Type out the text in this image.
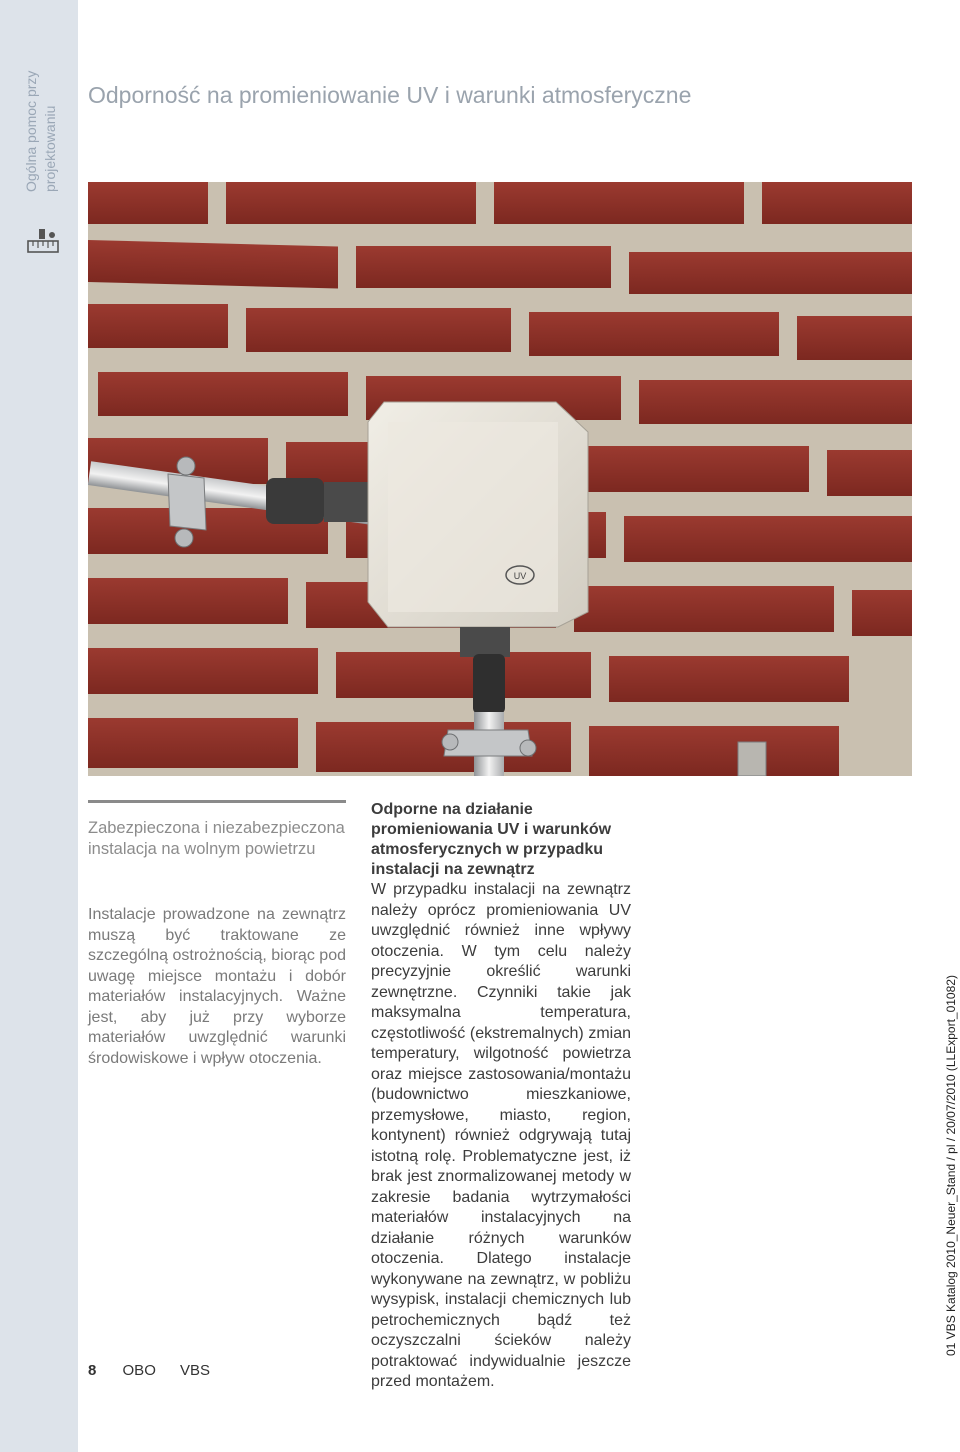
Ogólna pomoc przy projektowaniu
Odporność na promieniowanie UV i warunki atmosferyczne
UV
Zabezpieczona i niezabezpieczona instalacja na wolnym powietrzu
Instalacje prowadzone na zewnątrz muszą być traktowane ze szczególną ostrożnością, biorąc pod uwagę miejsce montażu i dobór materiałów instalacyjnych. Ważne jest, aby już przy wyborze materiałów uwzględnić warunki środowiskowe i wpływ otoczenia.
Odporne na działanie promieniowania UV i warunków atmosferycznych w przypadku instalacji na zewnątrz
W przypadku instalacji na zewnątrz należy oprócz promieniowania UV uwzględnić również inne wpływy otoczenia. W tym celu należy precyzyjnie określić warunki zewnętrzne. Czynniki takie jak maksymalna temperatura, częstotliwość (ekstremalnych) zmian temperatury, wilgotność powietrza oraz miejsce zastosowania/montażu (budownictwo mieszkaniowe, przemysłowe, miasto, region, kontynent) również odgrywają tutaj istotną rolę. Problematyczne jest, iż brak jest znormalizowanej metody w zakresie badania wytrzymałości materiałów instalacyjnych na działanie różnych warunków otoczenia. Dlatego instalacje wykonywane na zewnątrz, w pobliżu wysypisk, instalacji chemicznych lub petrochemicznych bądź też oczyszczalni ścieków należy potraktować indywidualnie jeszcze przed montażem.
01 VBS Katalog 2010_Neuer_Stand / pl / 20/07/2010 (LLExport_01082)
8 OBO VBS
